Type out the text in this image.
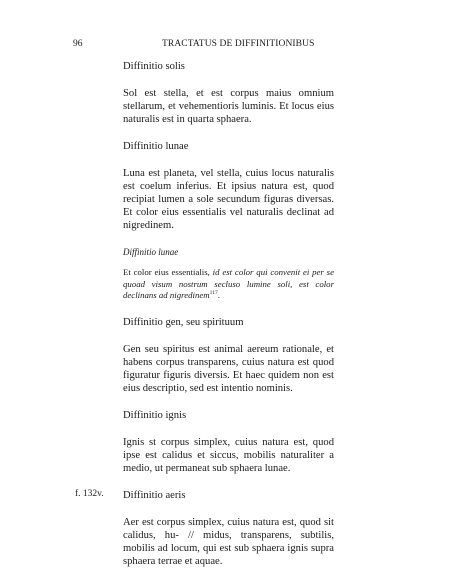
96	TRACTATUS DE DIFFINITIONIBUS
Diffinitio solis
Sol est stella, et est corpus maius omnium stellarum, et vehementioris luminis. Et locus eius naturalis est in quarta sphaera.
Diffinitio lunae
Luna est planeta, vel stella, cuius locus naturalis est coelum inferius. Et ipsius natura est, quod recipiat lumen a sole secundum figuras diversas. Et color eius essentialis vel naturalis declinat ad nigredinem.
Diffinitio lunae
Et color eius essentialis, id est color qui convenit ei per se quoad visum nostrum secluso lumine soli, est color declinans ad nigredinem$^{117}$.
Diffinitio gen, seu spirituum
Gen seu spiritus est animal aereum rationale, et habens corpus transparens, cuius natura est quod figuratur figuris diversis. Et haec quidem non est eius descriptio, sed est intentio nominis.
Diffinitio ignis
Ignis st corpus simplex, cuius natura est, quod ipse est calidus et siccus, mobilis naturaliter a medio, ut permaneat sub sphaera lunae.
Diffinitio aeris
Aer est corpus simplex, cuius natura est, quod sit calidus, hu- // midus, transparens, subtilis, mobilis ad locum, qui est sub sphaera ignis supra sphaera terrae et aquae.
f. 132v.
